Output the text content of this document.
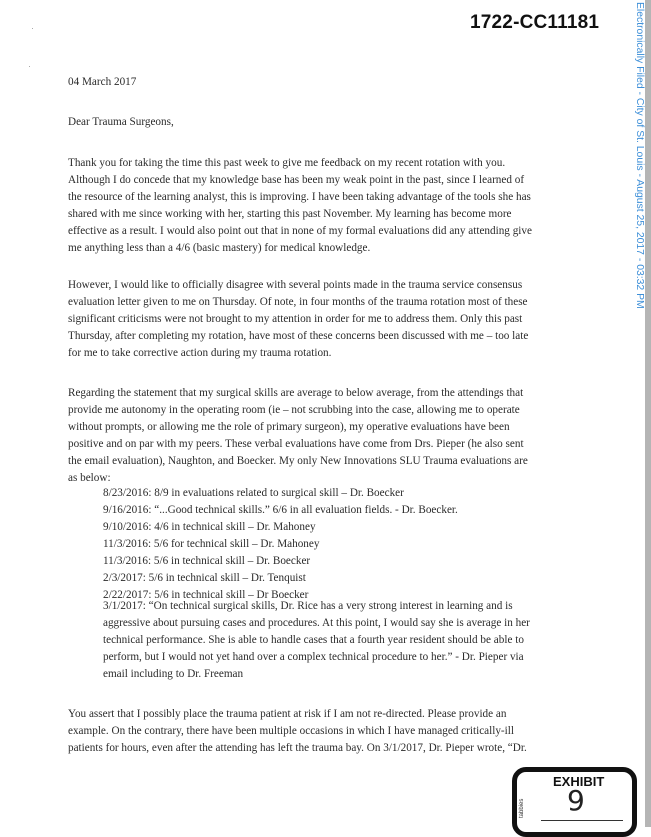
1722-CC11181	Electronically Filed - City of St. Louis - August 25, 2017 - 03:32 PM
04 March 2017
Dear Trauma Surgeons,
Thank you for taking the time this past week to give me feedback on my recent rotation with you.
Although I do concede that my knowledge base has been my weak point in the past, since I learned of
the resource of the learning analyst, this is improving. I have been taking advantage of the tools she has
shared with me since working with her, starting this past November. My learning has become more
effective as a result. I would also point out that in none of my formal evaluations did any attending give
me anything less than a 4/6 (basic mastery) for medical knowledge.
However, I would like to officially disagree with several points made in the trauma service consensus
evaluation letter given to me on Thursday. Of note, in four months of the trauma rotation most of these
significant criticisms were not brought to my attention in order for me to address them. Only this past
Thursday, after completing my rotation, have most of these concerns been discussed with me – too late
for me to take corrective action during my trauma rotation.
Regarding the statement that my surgical skills are average to below average, from the attendings that
provide me autonomy in the operating room (ie – not scrubbing into the case, allowing me to operate
without prompts, or allowing me the role of primary surgeon), my operative evaluations have been
positive and on par with my peers. These verbal evaluations have come from Drs. Pieper (he also sent
the email evaluation), Naughton, and Boecker. My only New Innovations SLU Trauma evaluations are
as below:
8/23/2016: 8/9 in evaluations related to surgical skill – Dr. Boecker
9/16/2016: “...Good technical skills.” 6/6 in all evaluation fields. - Dr. Boecker.
9/10/2016: 4/6 in technical skill – Dr. Mahoney
11/3/2016: 5/6 for technical skill – Dr. Mahoney
11/3/2016: 5/6 in technical skill – Dr. Boecker
2/3/2017: 5/6 in technical skill – Dr. Tenquist
2/22/2017: 5/6 in technical skill – Dr Boecker
3/1/2017: “On technical surgical skills, Dr. Rice has a very strong interest in learning and is
aggressive about pursuing cases and procedures. At this point, I would say she is average in her
technical performance. She is able to handle cases that a fourth year resident should be able to
perform, but I would not yet hand over a complex technical procedure to her.” - Dr. Pieper via
email including to Dr. Freeman
You assert that I possibly place the trauma patient at risk if I am not re-directed. Please provide an
example. On the contrary, there have been multiple occasions in which I have managed critically-ill
patients for hours, even after the attending has left the trauma bay. On 3/1/2017, Dr. Pieper wrote, “Dr.
tabbies
EXHIBIT
9
